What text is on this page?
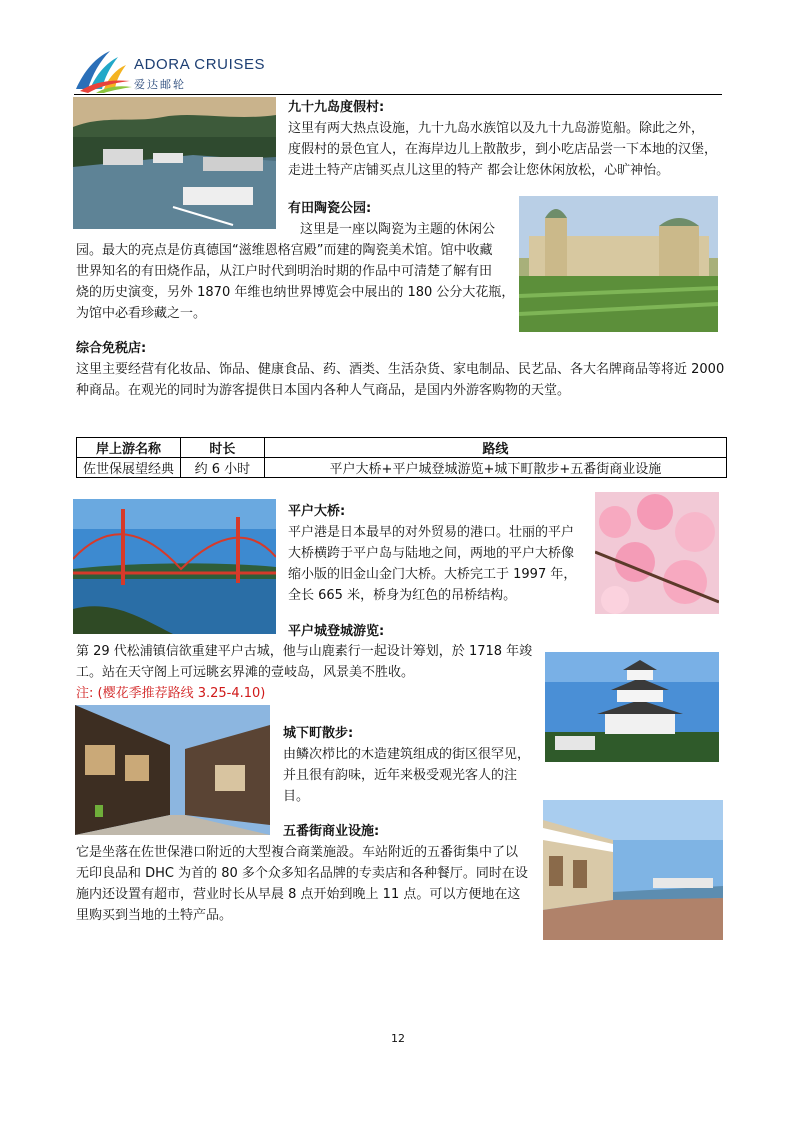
ADORA CRUISES
爱达邮轮
九十九岛度假村:
这里有两大热点设施，九十九岛水族馆以及九十九岛游览船。除此之外，
度假村的景色宜人，在海岸边儿上散散步，到小吃店品尝一下本地的汉堡，
走进土特产店铺买点儿这里的特产 都会让您休闲放松，心旷神怡。
有田陶瓷公园:
这里是一座以陶瓷为主题的休闲公
园。最大的亮点是仿真德国“滋维恩格宫殿”而建的陶瓷美术馆。馆中收藏
世界知名的有田烧作品，从江户时代到明治时期的作品中可清楚了解有田
烧的历史演变，另外 1870 年维也纳世界博览会中展出的 180 公分大花瓶，
为馆中必看珍藏之一。
综合免税店:
这里主要经营有化妆品、饰品、健康食品、药、酒类、生活杂货、家电制品、民艺品、各大名牌商品等将近 2000
种商品。在观光的同时为游客提供日本国内各种人气商品，是国内外游客购物的天堂。
岸上游名称	时长	路线
佐世保展望经典	约 6 小时	平户大桥+平户城登城游览+城下町散步+五番街商业设施
平户大桥:
平户港是日本最早的对外贸易的港口。壮丽的平户
大桥横跨于平户岛与陆地之间，两地的平户大桥像
缩小版的旧金山金门大桥。大桥完工于 1997 年，
全长 665 米，桥身为红色的吊桥结构。
平户城登城游览:
第 29 代松浦镇信欲重建平户古城，他与山鹿素行一起设计筹划，於 1718 年竣
工。站在天守阁上可远眺玄界滩的壹岐岛，风景美不胜收。
注: (樱花季推荐路线 3.25-4.10)
城下町散步:
由鳞次栉比的木造建筑组成的街区很罕见，
并且很有韵味，近年来极受观光客人的注
目。
五番街商业设施:
它是坐落在佐世保港口附近的大型複合商業施設。车站附近的五番街集中了以
无印良品和 DHC 为首的 80 多个众多知名品牌的专卖店和各种餐厅。同时在设
施内还设置有超市，营业时长从早晨 8 点开始到晚上 11 点。可以方便地在这
里购买到当地的土特产品。
12
